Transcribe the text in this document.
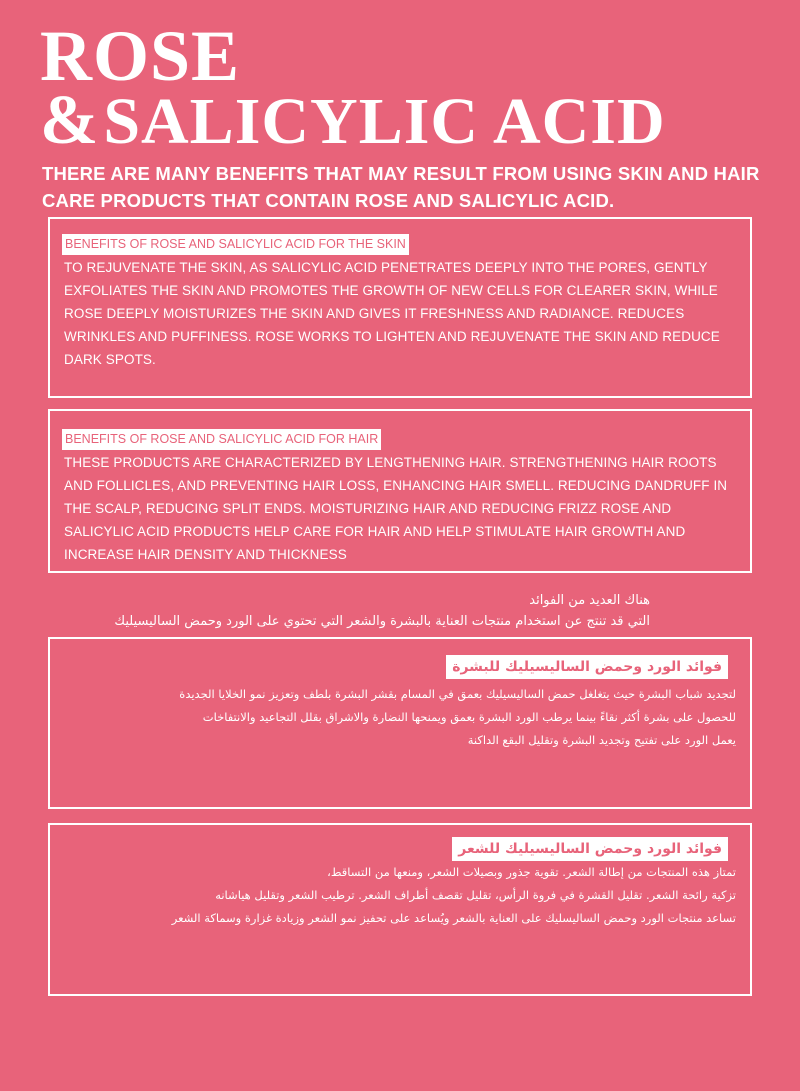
ROSE
&SALICYLIC ACID
THERE ARE MANY BENEFITS THAT MAY RESULT FROM USING SKIN AND HAIR CARE PRODUCTS THAT CONTAIN ROSE AND SALICYLIC ACID.
BENEFITS OF ROSE AND SALICYLIC ACID FOR THE SKIN
TO REJUVENATE THE SKIN, AS SALICYLIC ACID PENETRATES DEEPLY INTO THE PORES, GENTLY EXFOLIATES THE SKIN AND PROMOTES THE GROWTH OF NEW CELLS FOR CLEARER SKIN, WHILE ROSE DEEPLY MOISTURIZES THE SKIN AND GIVES IT FRESHNESS AND RADIANCE. REDUCES WRINKLES AND PUFFINESS. ROSE WORKS TO LIGHTEN AND REJUVENATE THE SKIN AND REDUCE DARK SPOTS.
BENEFITS OF ROSE AND SALICYLIC ACID FOR HAIR
THESE PRODUCTS ARE CHARACTERIZED BY LENGTHENING HAIR. STRENGTHENING HAIR ROOTS AND FOLLICLES, AND PREVENTING HAIR LOSS, ENHANCING HAIR SMELL. REDUCING DANDRUFF IN THE SCALP, REDUCING SPLIT ENDS. MOISTURIZING HAIR AND REDUCING FRIZZ ROSE AND SALICYLIC ACID PRODUCTS HELP CARE FOR HAIR AND HELP STIMULATE HAIR GROWTH AND INCREASE HAIR DENSITY AND THICKNESS
هناك العديد من الفوائد
التي قد تنتج عن استخدام منتجات العناية بالبشرة والشعر التي تحتوي على الورد وحمض الساليسيليك
فوائد الورد وحمض الساليسيليك للبشرة
لتجديد شباب البشرة حيث يتغلغل حمض الساليسيليك بعمق في المسام بقشر البشرة بلطف وتعزيز نمو الخلايا الجديدة
للحصول على بشرة أكثر نقاءً بينما يرطب الورد البشرة بعمق ويمنحها النضارة والاشراق بقلل التجاعيد والانتفاخات
يعمل الورد على تفتيح وتجديد البشرة وتقليل البقع الداكنة
فوائد الورد وحمض الساليسيليك للشعر
تمتاز هذه المنتجات من إطالة الشعر. تقوية جذور وبصيلات الشعر، ومنعها من التساقط،
تزكية رائحة الشعر. تقليل القشرة في فروة الرأس، تقليل تقصف أطراف الشعر. ترطيب الشعر وتقليل هياشانه
تساعد منتجات الورد وحمض الساليسليك على العناية بالشعر ويُساعد على تحفيز نمو الشعر وزيادة غزارة وسماكة الشعر
